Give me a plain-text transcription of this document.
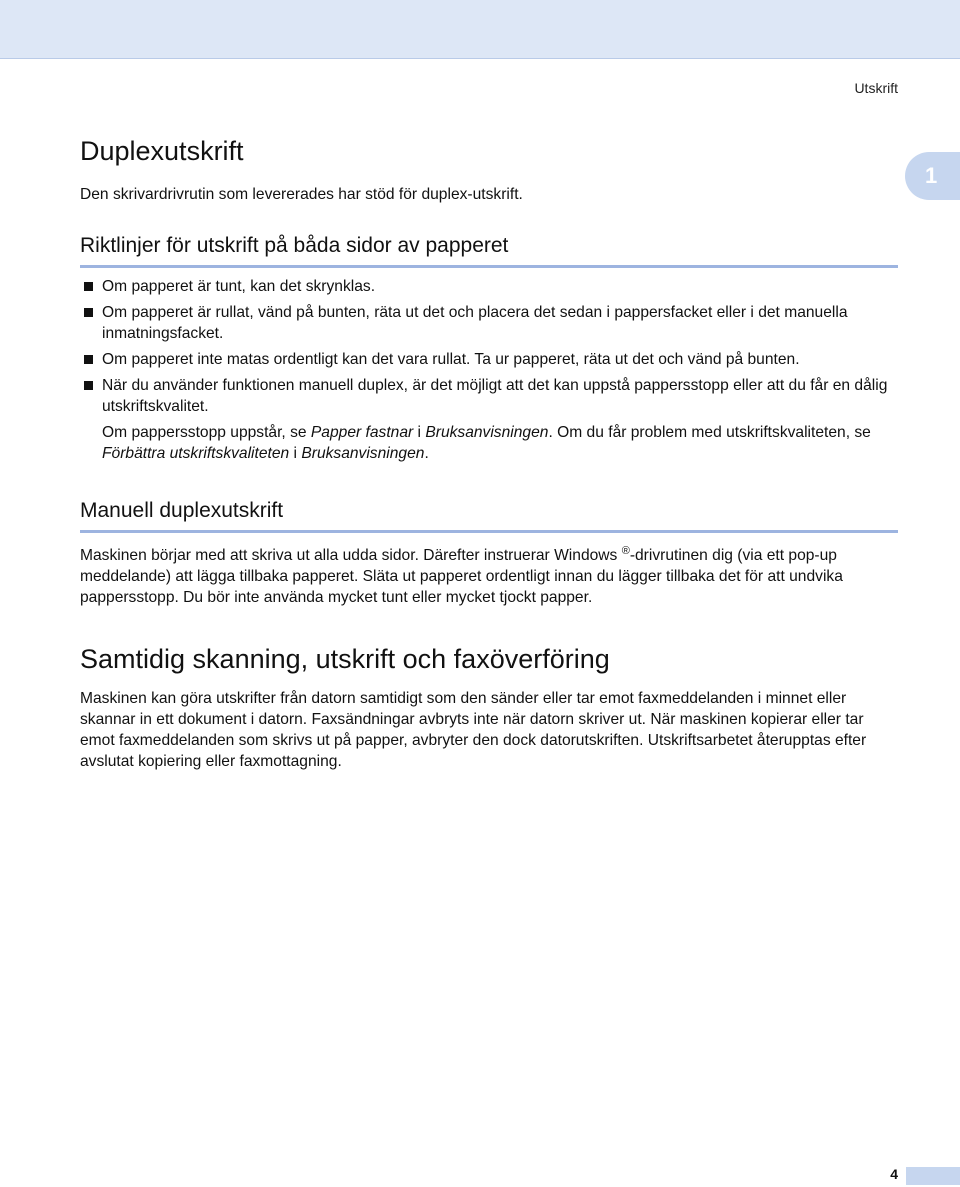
Utskrift
1
Duplexutskrift

Den skrivardrivrutin som levererades har stöd för duplex-utskrift.

Riktlinjer för utskrift på båda sidor av papperet
Om papperet är tunt, kan det skrynklas.
Om papperet är rullat, vänd på bunten, räta ut det och placera det sedan i pappersfacket eller i det manuella inmatningsfacket.
Om papperet inte matas ordentligt kan det vara rullat. Ta ur papperet, räta ut det och vänd på bunten.
När du använder funktionen manuell duplex, är det möjligt att det kan uppstå pappersstopp eller att du får en dålig utskriftskvalitet.
Om pappersstopp uppstår, se Papper fastnar i Bruksanvisningen. Om du får problem med utskriftskvaliteten, se Förbättra utskriftskvaliteten i Bruksanvisningen.
Manuell duplexutskrift

Maskinen börjar med att skriva ut alla udda sidor. Därefter instruerar Windows ®-drivrutinen dig (via ett pop-up meddelande) att lägga tillbaka papperet. Släta ut papperet ordentligt innan du lägger tillbaka det för att undvika pappersstopp. Du bör inte använda mycket tunt eller mycket tjockt papper.

Samtidig skanning, utskrift och faxöverföring

Maskinen kan göra utskrifter från datorn samtidigt som den sänder eller tar emot faxmeddelanden i minnet eller skannar in ett dokument i datorn. Faxsändningar avbryts inte när datorn skriver ut. När maskinen kopierar eller tar emot faxmeddelanden som skrivs ut på papper, avbryter den dock datorutskriften. Utskriftsarbetet återupptas efter avslutat kopiering eller faxmottagning.

4
